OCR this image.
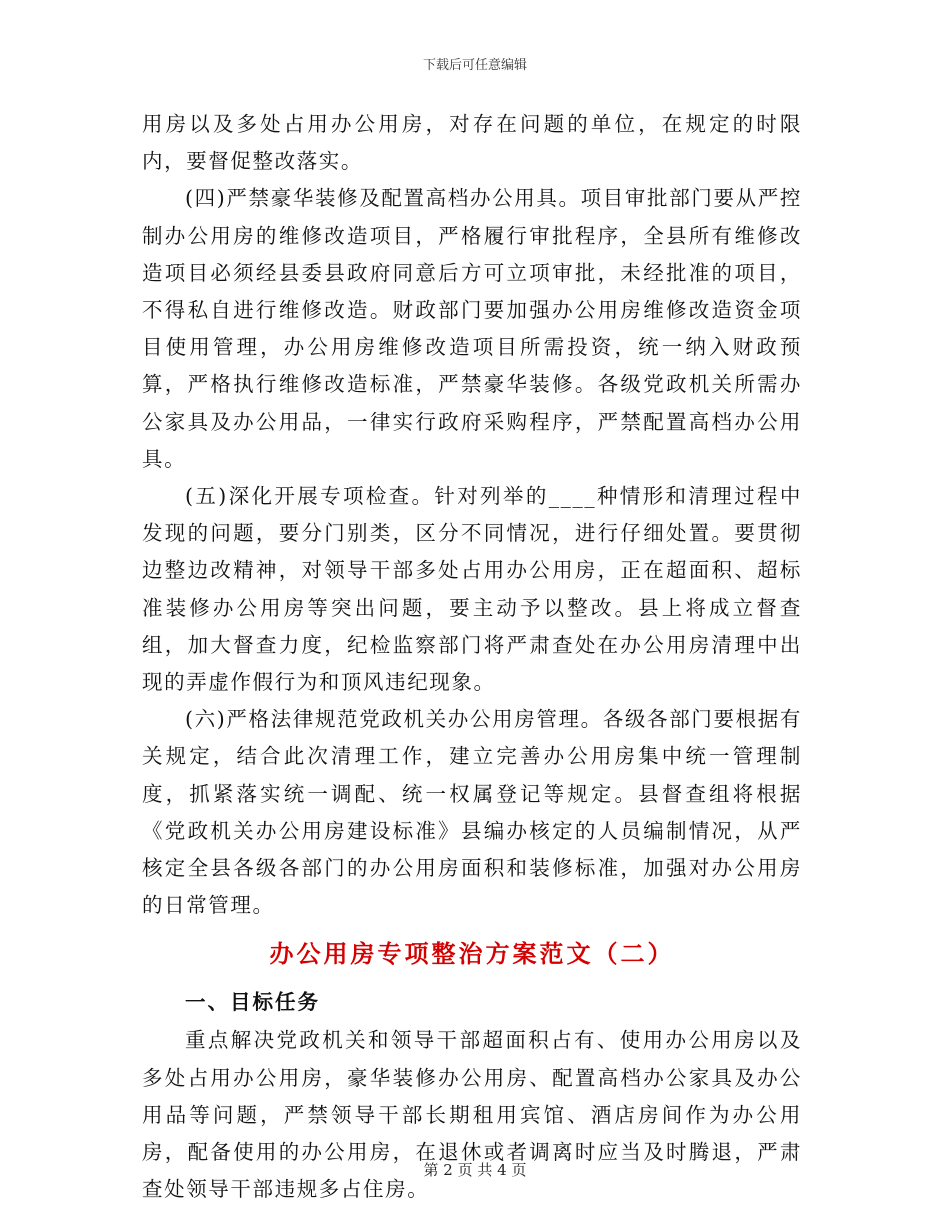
下载后可任意编辑

用房以及多处占用办公用房，对存在问题的单位，在规定的时限内，要督促整改落实。

(四)严禁豪华装修及配置高档办公用具。项目审批部门要从严控制办公用房的维修改造项目，严格履行审批程序，全县所有维修改造项目必须经县委县政府同意后方可立项审批，未经批准的项目，不得私自进行维修改造。财政部门要加强办公用房维修改造资金项目使用管理，办公用房维修改造项目所需投资，统一纳入财政预算，严格执行维修改造标准，严禁豪华装修。各级党政机关所需办公家具及办公用品，一律实行政府采购程序，严禁配置高档办公用具。

(五)深化开展专项检查。针对列举的____种情形和清理过程中发现的问题，要分门别类，区分不同情况，进行仔细处置。要贯彻边整边改精神，对领导干部多处占用办公用房，正在超面积、超标准装修办公用房等突出问题，要主动予以整改。县上将成立督查组，加大督查力度，纪检监察部门将严肃查处在办公用房清理中出现的弄虚作假行为和顶风违纪现象。

(六)严格法律规范党政机关办公用房管理。各级各部门要根据有关规定，结合此次清理工作，建立完善办公用房集中统一管理制度，抓紧落实统一调配、统一权属登记等规定。县督查组将根据《党政机关办公用房建设标准》县编办核定的人员编制情况，从严核定全县各级各部门的办公用房面积和装修标准，加强对办公用房的日常管理。

办公用房专项整治方案范文（二）

一、目标任务

重点解决党政机关和领导干部超面积占有、使用办公用房以及多处占用办公用房，豪华装修办公用房、配置高档办公家具及办公用品等问题，严禁领导干部长期租用宾馆、酒店房间作为办公用房，配备使用的办公用房，在退休或者调离时应当及时腾退，严肃查处领导干部违规多占住房。

第 2 页 共 4 页
